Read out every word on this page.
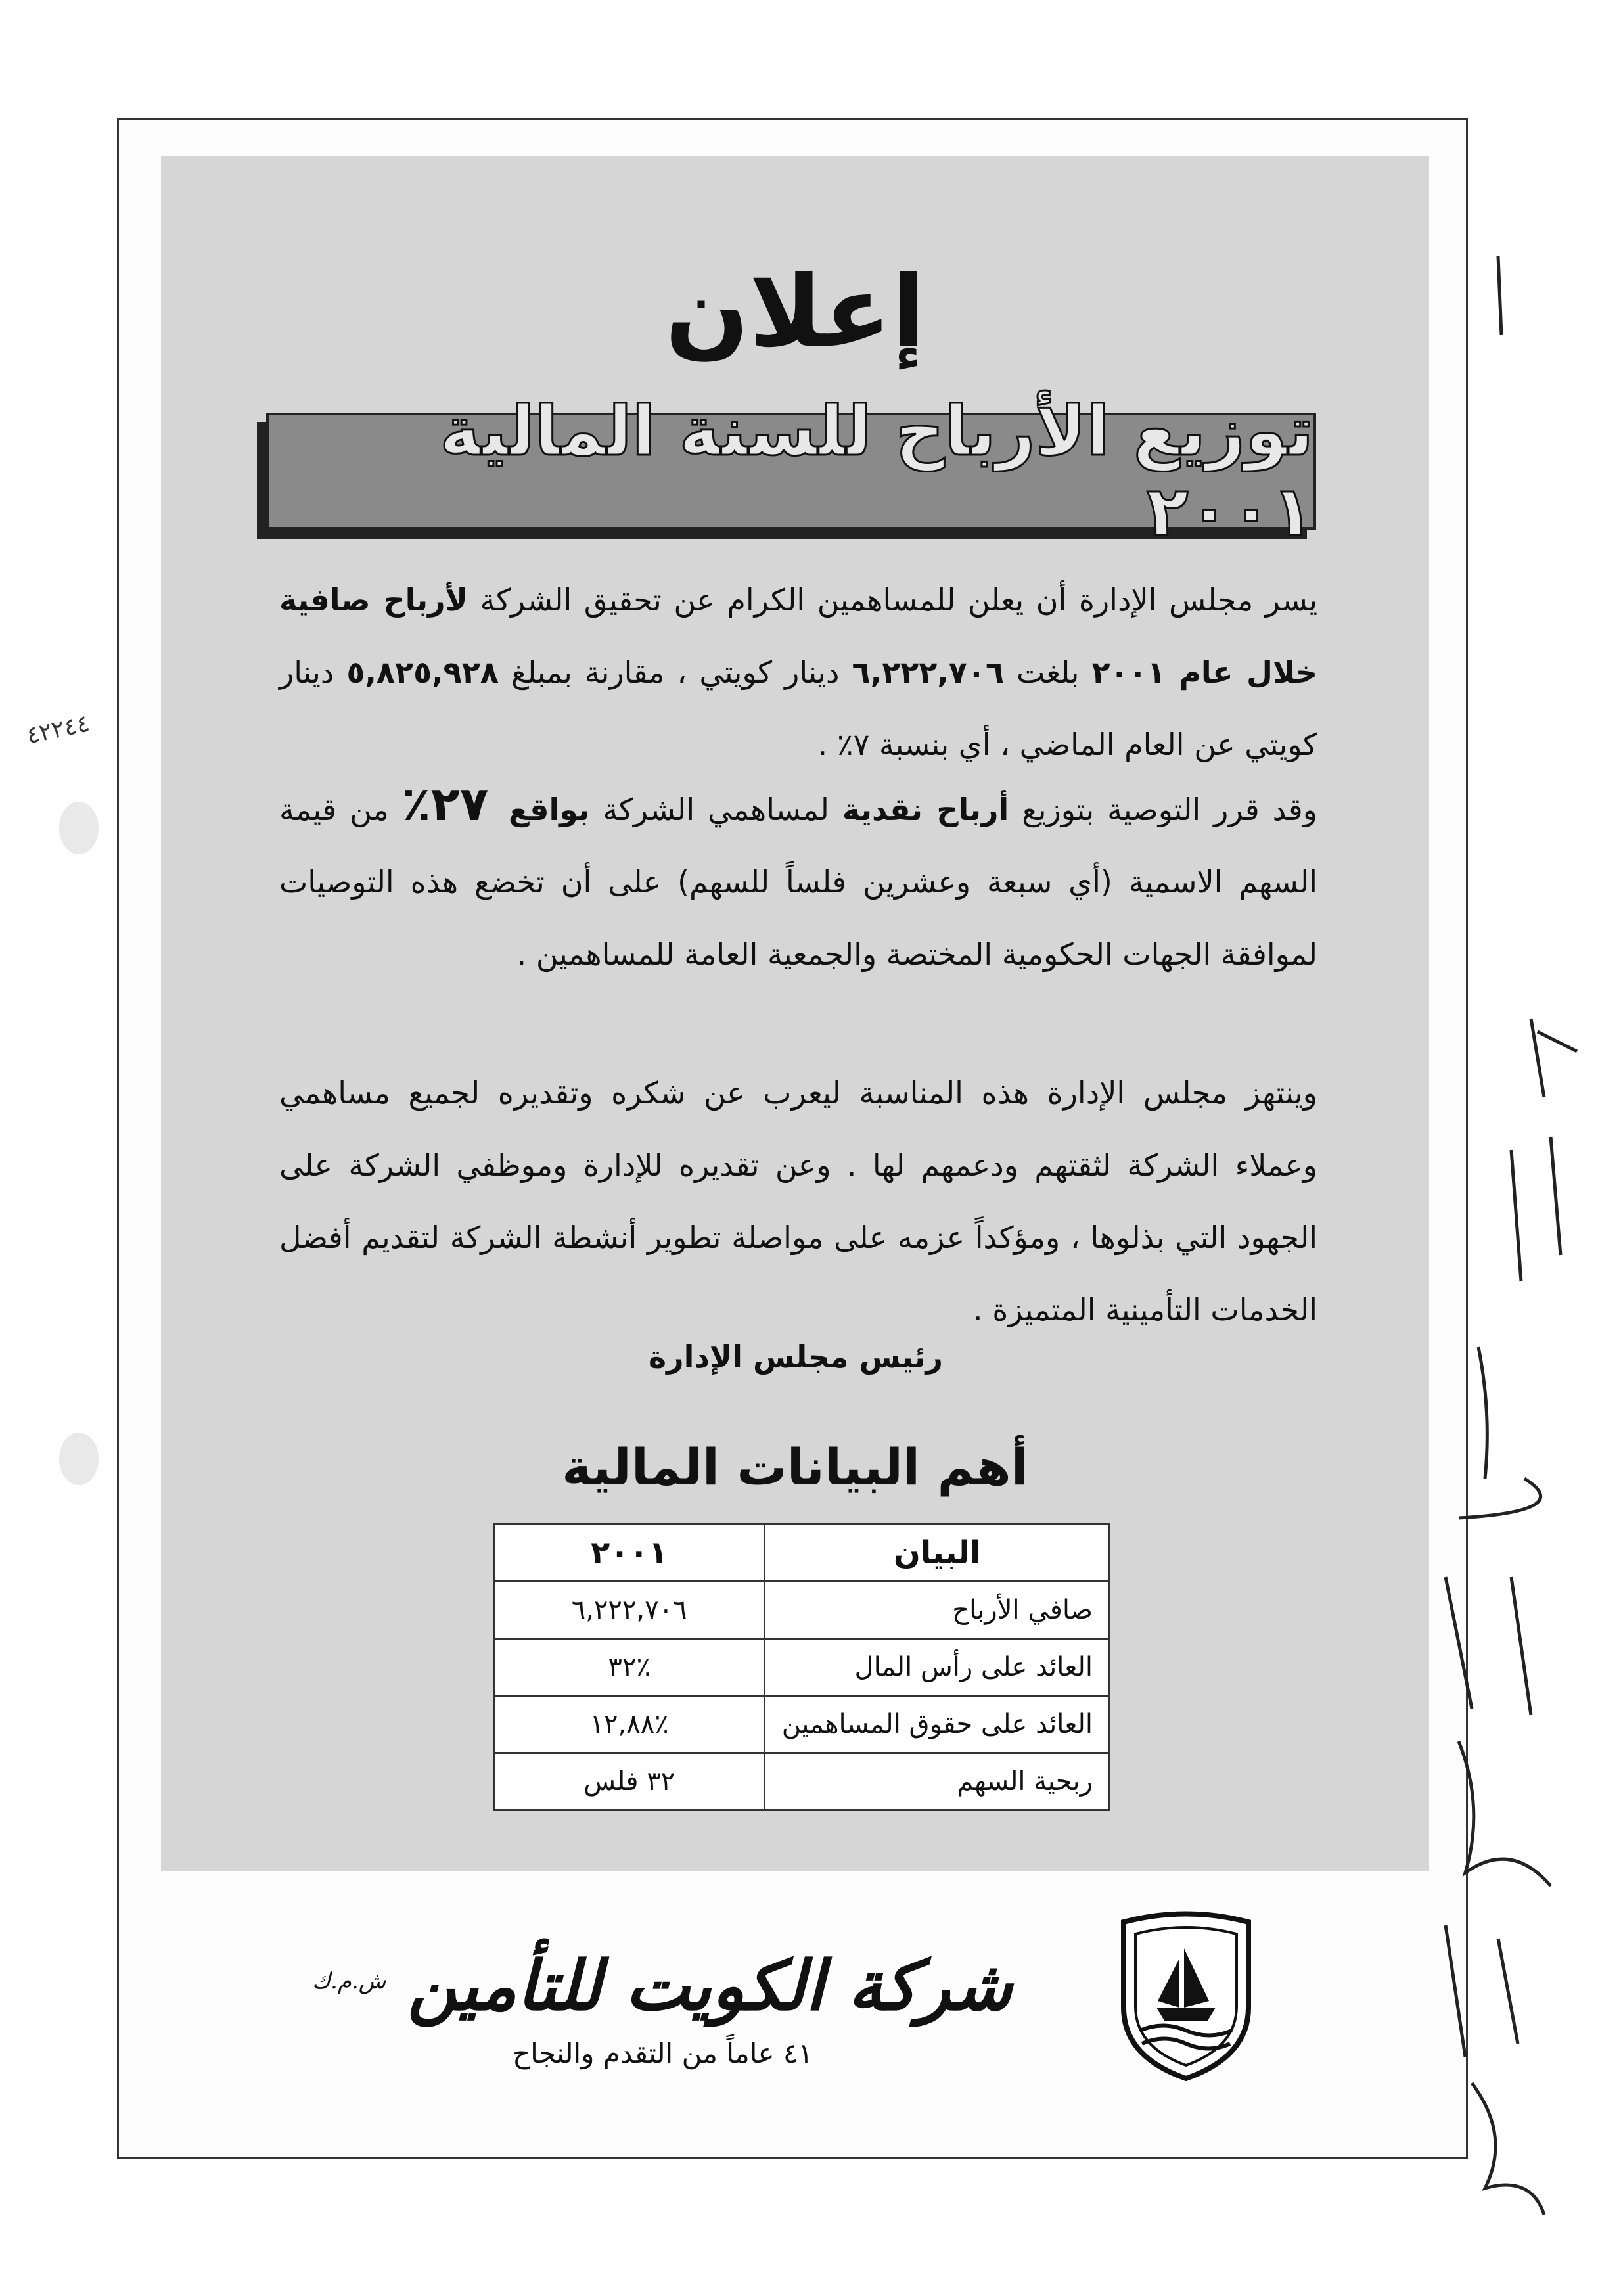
٤٢٢٤٤
إعلان
توزيع الأرباح للسنة المالية ٢٠٠١
يسر مجلس الإدارة أن يعلن للمساهمين الكرام عن تحقيق الشركة لأرباح صافية خلال عام ٢٠٠١ بلغت ٦,٢٢٢,٧٠٦ دينار كويتي ، مقارنة بمبلغ ٥,٨٢٥,٩٢٨ دينار كويتي عن العام الماضي ، أي بنسبة ٧٪ .
وقد قرر التوصية بتوزيع أرباح نقدية لمساهمي الشركة بواقع ٢٧٪ من قيمة السهم الاسمية (أي سبعة وعشرين فلساً للسهم) على أن تخضع هذه التوصيات لموافقة الجهات الحكومية المختصة والجمعية العامة للمساهمين .
وينتهز مجلس الإدارة هذه المناسبة ليعرب عن شكره وتقديره لجميع مساهمي وعملاء الشركة لثقتهم ودعمهم لها . وعن تقديره للإدارة وموظفي الشركة على الجهود التي بذلوها ، ومؤكداً عزمه على مواصلة تطوير أنشطة الشركة لتقديم أفضل الخدمات التأمينية المتميزة .
رئيس مجلس الإدارة
أهم البيانات المالية
البيان	٢٠٠١
صافي الأرباح	٦,٢٢٢,٧٠٦
العائد على رأس المال	٪٣٢
العائد على حقوق المساهمين	٪١٢,٨٨
ربحية السهم	٣٢ فلس
شركة الكويت للتأمين
ش.م.ك
٤١ عاماً من التقدم والنجاح
